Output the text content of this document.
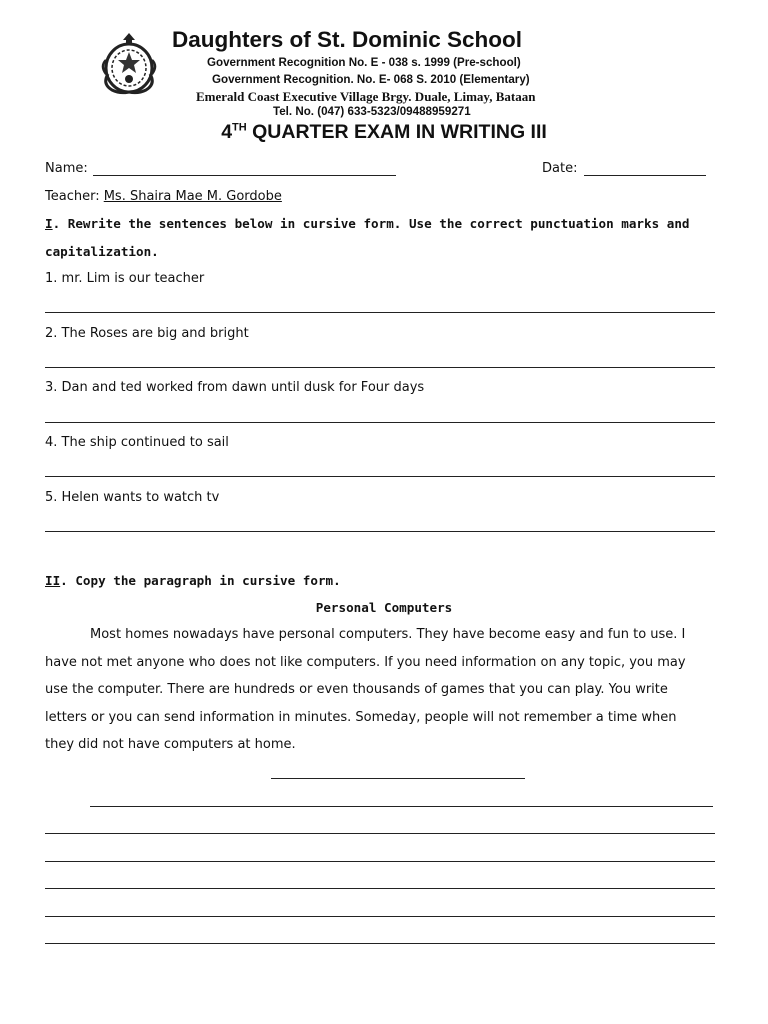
Daughters of St. Dominic School
Government Recognition No. E - 038 s. 1999 (Pre-school)
Government Recognition. No. E- 068 S. 2010 (Elementary)
Emerald Coast Executive Village Brgy. Duale, Limay, Bataan
Tel. No. (047) 633-5323/09488959271
4TH QUARTER EXAM IN WRITING III
Name:	Date:
Teacher: Ms. Shaira Mae M. Gordobe
I. Rewrite the sentences below in cursive form. Use the correct punctuation marks and
capitalization.
1. mr. Lim is our teacher
2. The Roses are big and bright
3. Dan and ted worked from dawn until dusk for Four days
4. The ship continued to sail
5. Helen wants to watch tv
II. Copy the paragraph in cursive form.
Personal Computers
Most homes nowadays have personal computers. They have become easy and fun to use. I
have not met anyone who does not like computers. If you need information on any topic, you may
use the computer. There are hundreds or even thousands of games that you can play. You write
letters or you can send information in minutes. Someday, people will not remember a time when
they did not have computers at home.
